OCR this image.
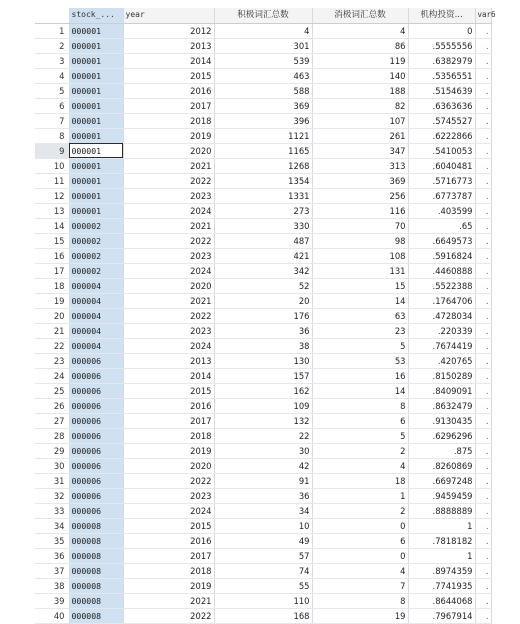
	stock_...	year	积极词汇总数	消极词汇总数	机构投资...	var6
1	000001	2012	4	4	0	.
2	000001	2013	301	86	.5555556	.
3	000001	2014	539	119	.6382979	.
4	000001	2015	463	140	.5356551	.
5	000001	2016	588	188	.5154639	.
6	000001	2017	369	82	.6363636	.
7	000001	2018	396	107	.5745527	.
8	000001	2019	1121	261	.6222866	.
9	000001	2020	1165	347	.5410053	.
10	000001	2021	1268	313	.6040481	.
11	000001	2022	1354	369	.5716773	.
12	000001	2023	1331	256	.6773787	.
13	000001	2024	273	116	.403599	.
14	000002	2021	330	70	.65	.
15	000002	2022	487	98	.6649573	.
16	000002	2023	421	108	.5916824	.
17	000002	2024	342	131	.4460888	.
18	000004	2020	52	15	.5522388	.
19	000004	2021	20	14	.1764706	.
20	000004	2022	176	63	.4728034	.
21	000004	2023	36	23	.220339	.
22	000004	2024	38	5	.7674419	.
23	000006	2013	130	53	.420765	.
24	000006	2014	157	16	.8150289	.
25	000006	2015	162	14	.8409091	.
26	000006	2016	109	8	.8632479	.
27	000006	2017	132	6	.9130435	.
28	000006	2018	22	5	.6296296	.
29	000006	2019	30	2	.875	.
30	000006	2020	42	4	.8260869	.
31	000006	2022	91	18	.6697248	.
32	000006	2023	36	1	.9459459	.
33	000006	2024	34	2	.8888889	.
34	000008	2015	10	0	1	.
35	000008	2016	49	6	.7818182	.
36	000008	2017	57	0	1	.
37	000008	2018	74	4	.8974359	.
38	000008	2019	55	7	.7741935	.
39	000008	2021	110	8	.8644068	.
40	000008	2022	168	19	.7967914	.
